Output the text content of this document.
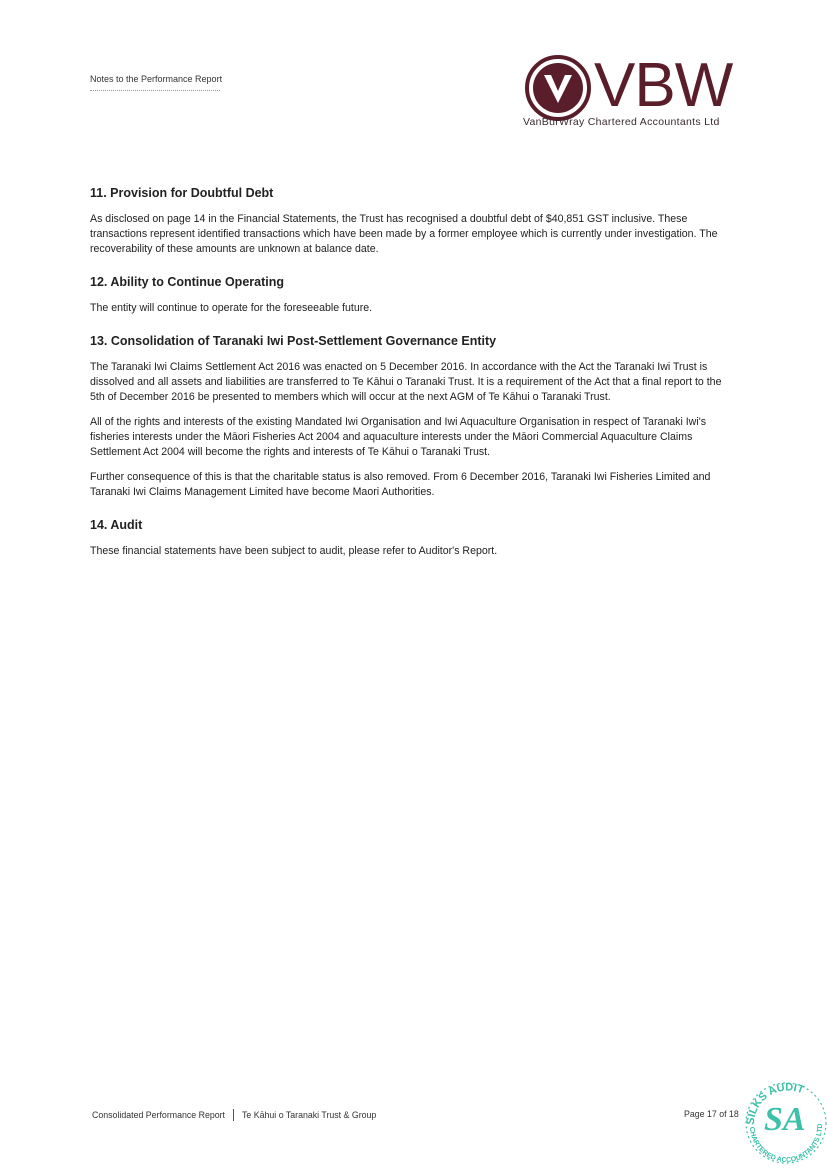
Notes to the Performance Report	VBW
VanBurWray Chartered Accountants Ltd
11. Provision for Doubtful Debt

As disclosed on page 14 in the Financial Statements, the Trust has recognised a doubtful debt of $40,851 GST inclusive. These transactions represent identified transactions which have been made by a former employee which is currently under investigation. The recoverability of these amounts are unknown at balance date.

12. Ability to Continue Operating

The entity will continue to operate for the foreseeable future.

13. Consolidation of Taranaki Iwi Post-Settlement Governance Entity

The Taranaki Iwi Claims Settlement Act 2016 was enacted on 5 December 2016. In accordance with the Act the Taranaki Iwi Trust is dissolved and all assets and liabilities are transferred to Te Kāhui o Taranaki Trust. It is a requirement of the Act that a final report to the 5th of December 2016 be presented to members which will occur at the next AGM of Te Kāhui o Taranaki Trust.

All of the rights and interests of the existing Mandated Iwi Organisation and Iwi Aquaculture Organisation in respect of Taranaki Iwi's fisheries interests under the Māori Fisheries Act 2004 and aquaculture interests under the Māori Commercial Aquaculture Claims Settlement Act 2004 will become the rights and interests of Te Kāhui o Taranaki Trust.

Further consequence of this is that the charitable status is also removed. From 6 December 2016, Taranaki Iwi Fisheries Limited and Taranaki Iwi Claims Management Limited have become Maori Authorities.

14. Audit

These financial statements have been subject to audit, please refer to Auditor's Report.

Consolidated Performance Report Te Kāhui o Taranaki Trust & Group	Page 17 of 18
SILKS AUDIT
CHARTERED ACCOUNTANTS LTD
SA
